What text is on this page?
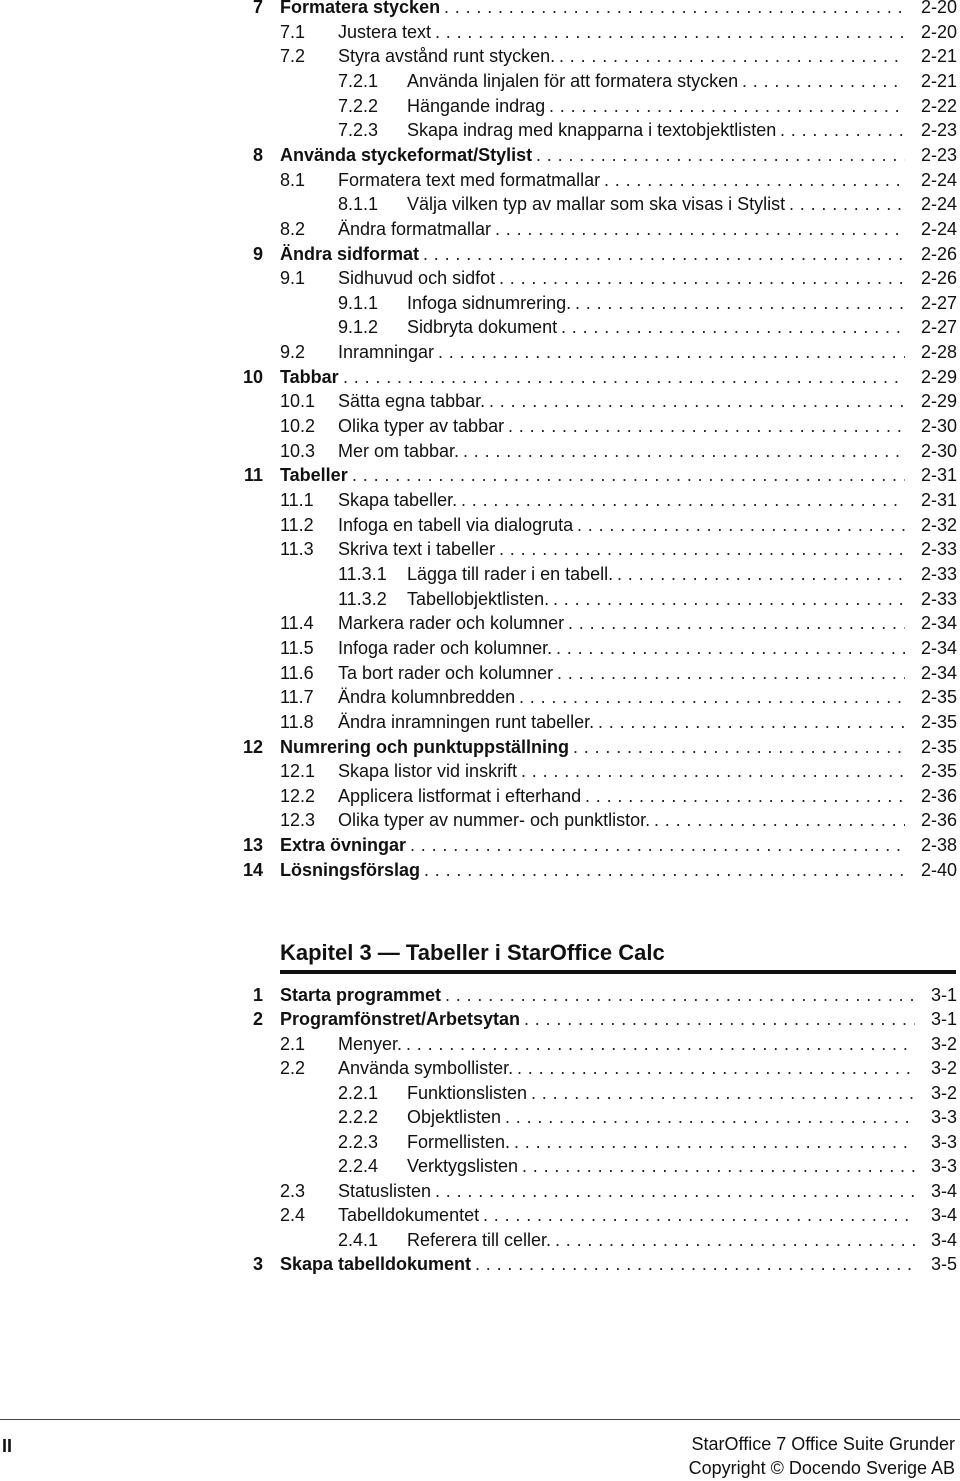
7 Formatera stycken .....	2-20
7.1 Justera text .....	2-20
7.2 Styra avstånd runt stycken. .....	2-21
7.2.1 Använda linjalen för att formatera stycken .....	2-21
7.2.2 Hängande indrag .....	2-22
7.2.3 Skapa indrag med knapparna i textobjektlisten .....	2-23
8 Använda styckeformat/Stylist .....	2-23
8.1 Formatera text med formatmallar .....	2-24
8.1.1 Välja vilken typ av mallar som ska visas i Stylist .....	2-24
8.2 Ändra formatmallar .....	2-24
9 Ändra sidformat .....	2-26
9.1 Sidhuvud och sidfot .....	2-26
9.1.1 Infoga sidnumrering. .....	2-27
9.1.2 Sidbryta dokument .....	2-27
9.2 Inramningar .....	2-28
10 Tabbar .....	2-29
10.1 Sätta egna tabbar. .....	2-29
10.2 Olika typer av tabbar .....	2-30
10.3 Mer om tabbar. .....	2-30
11 Tabeller .....	2-31
11.1 Skapa tabeller. .....	2-31
11.2 Infoga en tabell via dialogruta .....	2-32
11.3 Skriva text i tabeller .....	2-33
11.3.1 Lägga till rader i en tabell. .....	2-33
11.3.2 Tabellobjektlisten. .....	2-33
11.4 Markera rader och kolumner .....	2-34
11.5 Infoga rader och kolumner. .....	2-34
11.6 Ta bort rader och kolumner .....	2-34
11.7 Ändra kolumnbredden .....	2-35
11.8 Ändra inramningen runt tabeller. .....	2-35
12 Numrering och punktuppställning .....	2-35
12.1 Skapa listor vid inskrift .....	2-35
12.2 Applicera listformat i efterhand .....	2-36
12.3 Olika typer av nummer- och punktlistor. .....	2-36
13 Extra övningar .....	2-38
14 Lösningsförslag .....	2-40
Kapitel 3 — Tabeller i StarOffice Calc
1 Starta programmet .....	3-1
2 Programfönstret/Arbetsytan .....	3-1
2.1 Menyer. .....	3-2
2.2 Använda symbollister. .....	3-2
2.2.1 Funktionslisten .....	3-2
2.2.2 Objektlisten .....	3-3
2.2.3 Formellisten. .....	3-3
2.2.4 Verktygslisten .....	3-3
2.3 Statuslisten .....	3-4
2.4 Tabelldokumentet .....	3-4
2.4.1 Referera till celler. .....	3-4
3 Skapa tabelldokument .....	3-5
II	StarOffice 7 Office Suite Grunder
Copyright © Docendo Sverige AB
